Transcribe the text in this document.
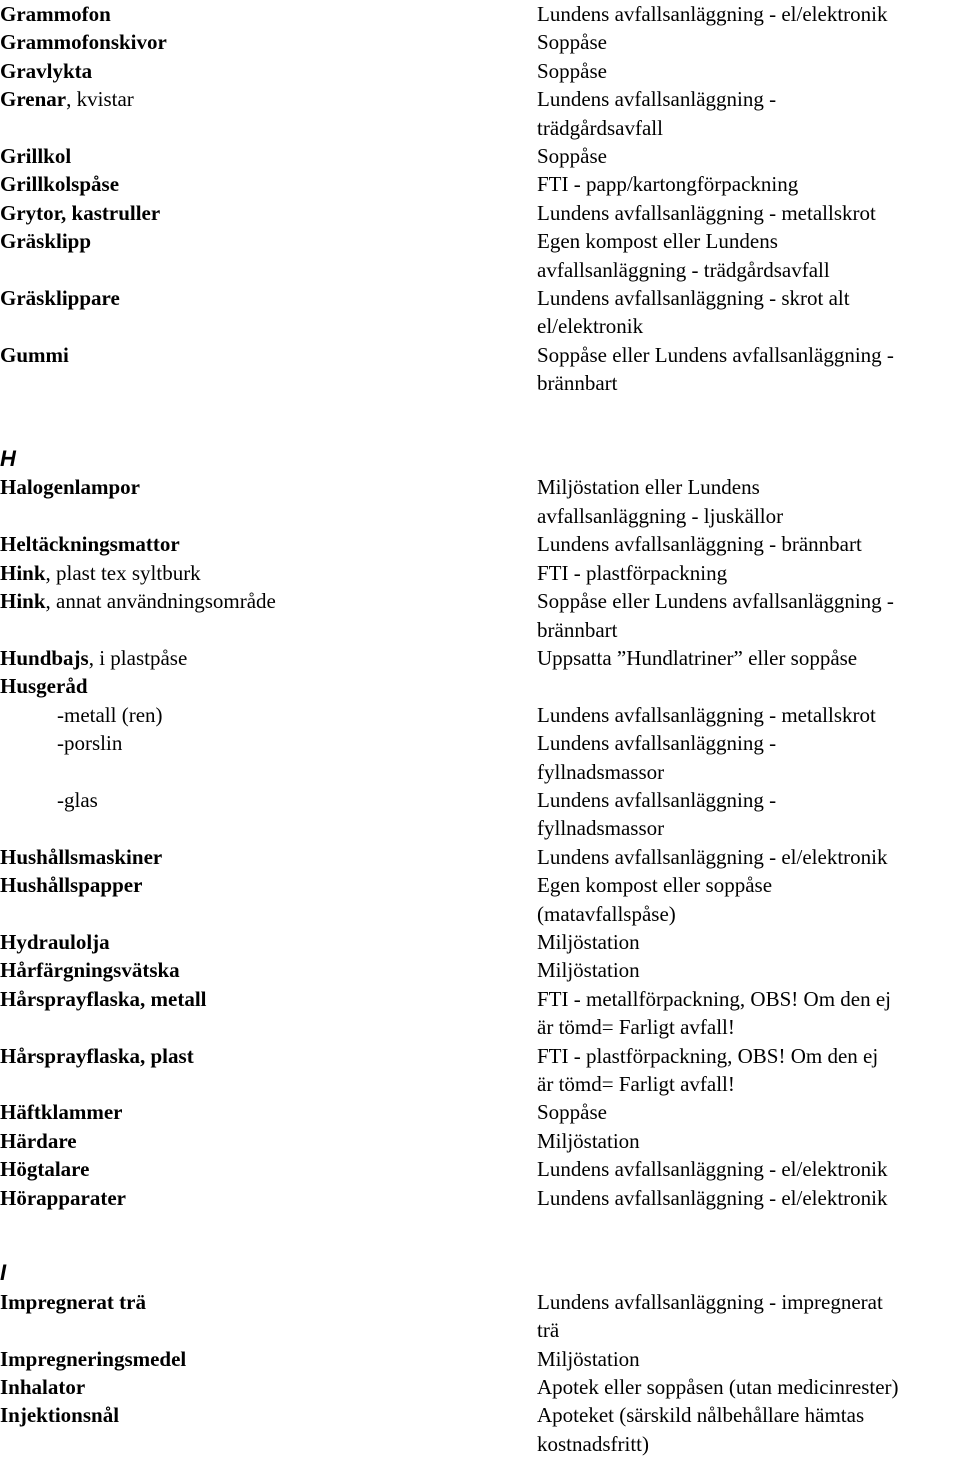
Grammofon	Lundens avfallsanläggning - el/elektronik
Grammofonskivor	Soppåse
Gravlykta	Soppåse
Grenar, kvistar	Lundens avfallsanläggning -
trädgårdsavfall
Grillkol	Soppåse
Grillkolspåse	FTI - papp/kartongförpackning
Grytor, kastruller	Lundens avfallsanläggning - metallskrot
Gräsklipp	Egen kompost eller Lundens
avfallsanläggning - trädgårdsavfall
Gräsklippare	Lundens avfallsanläggning - skrot alt
el/elektronik
Gummi	Soppåse eller Lundens avfallsanläggning -
brännbart
H
Halogenlampor	Miljöstation eller Lundens
avfallsanläggning - ljuskällor
Heltäckningsmattor	Lundens avfallsanläggning - brännbart
Hink, plast tex syltburk	FTI - plastförpackning
Hink, annat användningsområde	Soppåse eller Lundens avfallsanläggning -
brännbart
Hundbajs, i plastpåse	Uppsatta ”Hundlatriner” eller soppåse
Husgeråd
-metall (ren)	Lundens avfallsanläggning - metallskrot
-porslin	Lundens avfallsanläggning -
fyllnadsmassor
-glas	Lundens avfallsanläggning -
fyllnadsmassor
Hushållsmaskiner	Lundens avfallsanläggning - el/elektronik
Hushållspapper	Egen kompost eller soppåse
(matavfallspåse)
Hydraulolja	Miljöstation
Hårfärgningsvätska	Miljöstation
Hårsprayflaska, metall	FTI - metallförpackning, OBS! Om den ej
är tömd= Farligt avfall!
Hårsprayflaska, plast	FTI - plastförpackning, OBS! Om den ej
är tömd= Farligt avfall!
Häftklammer	Soppåse
Härdare	Miljöstation
Högtalare	Lundens avfallsanläggning - el/elektronik
Hörapparater	Lundens avfallsanläggning - el/elektronik
I
Impregnerat trä	Lundens avfallsanläggning - impregnerat
trä
Impregneringsmedel	Miljöstation
Inhalator	Apotek eller soppåsen (utan medicinrester)
Injektionsnål	Apoteket (särskild nålbehållare hämtas
kostnadsfritt)
